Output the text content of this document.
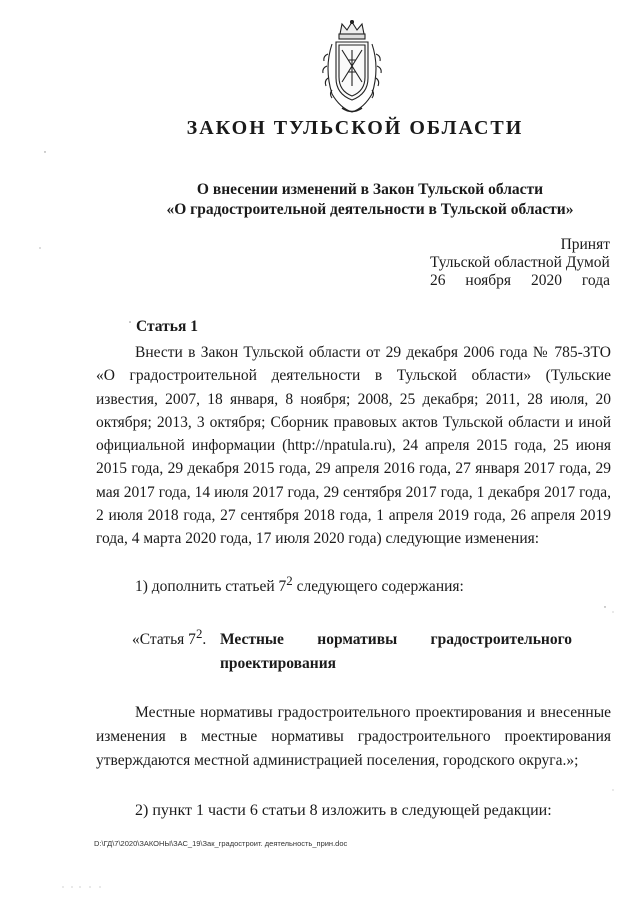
ЗАКОН ТУЛЬСКОЙ ОБЛАСТИ
О внесении изменений в Закон Тульской области
«О градостроительной деятельности в Тульской области»
Принят
Тульской областной Думой
26 ноября 2020 года
Статья 1

Внести в Закон Тульской области от 29 декабря 2006 года № 785-ЗТО «О градостроительной деятельности в Тульской области» (Тульские известия, 2007, 18 января, 8 ноября; 2008, 25 декабря; 2011, 28 июля, 20 октября; 2013, 3 октября; Сборник правовых актов Тульской области и иной официальной информации (http://npatula.ru), 24 апреля 2015 года, 25 июня 2015 года, 29 декабря 2015 года, 29 апреля 2016 года, 27 января 2017 года, 29 мая 2017 года, 14 июля 2017 года, 29 сентября 2017 года, 1 декабря 2017 года, 2 июля 2018 года, 27 сентября 2018 года, 1 апреля 2019 года, 26 апреля 2019 года, 4 марта 2020 года, 17 июля 2020 года) следующие изменения:

1) дополнить статьей $7^2$ следующего содержания:
«Статья $7^2$. Местные нормативы градостроительного
проектирования

Местные нормативы градостроительного проектирования и внесенные изменения в местные нормативы градостроительного проектирования утверждаются местной администрацией поселения, городского округа.»;

2) пункт 1 части 6 статьи 8 изложить в следующей редакции:
D:\ГД\7\2020\ЗАКОНЫ\ЗАС_19\Зак_градостроит. деятельность_прин.doc
